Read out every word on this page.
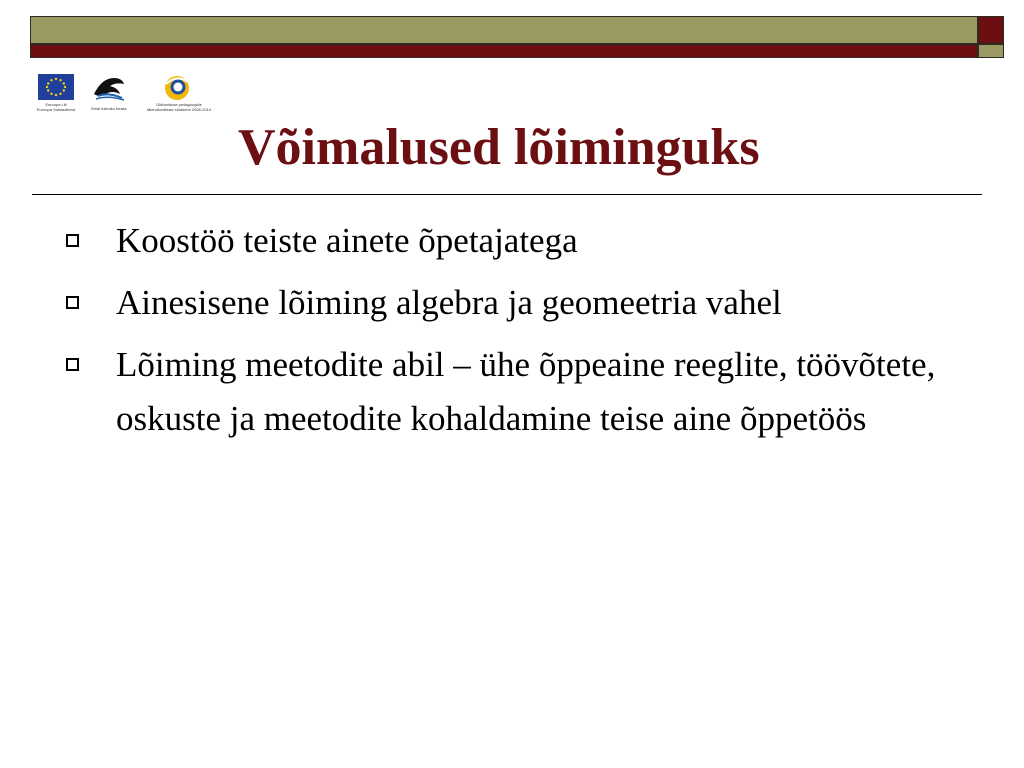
Euroopa Liit
Euroopa Sotsiaalfond	Eesti tuleviku heaks
Üldhariduse pedagoogide
täiendkoolituse süsteemi 2008-2014
Võimalused lõiminguks
Koostöö teiste ainete õpetajatega
Ainesisene lõiming algebra ja geomeetria vahel
Lõiming meetodite abil – ühe õppeaine reeglite, töövõtete, oskuste ja meetodite kohaldamine teise aine õppetöös
